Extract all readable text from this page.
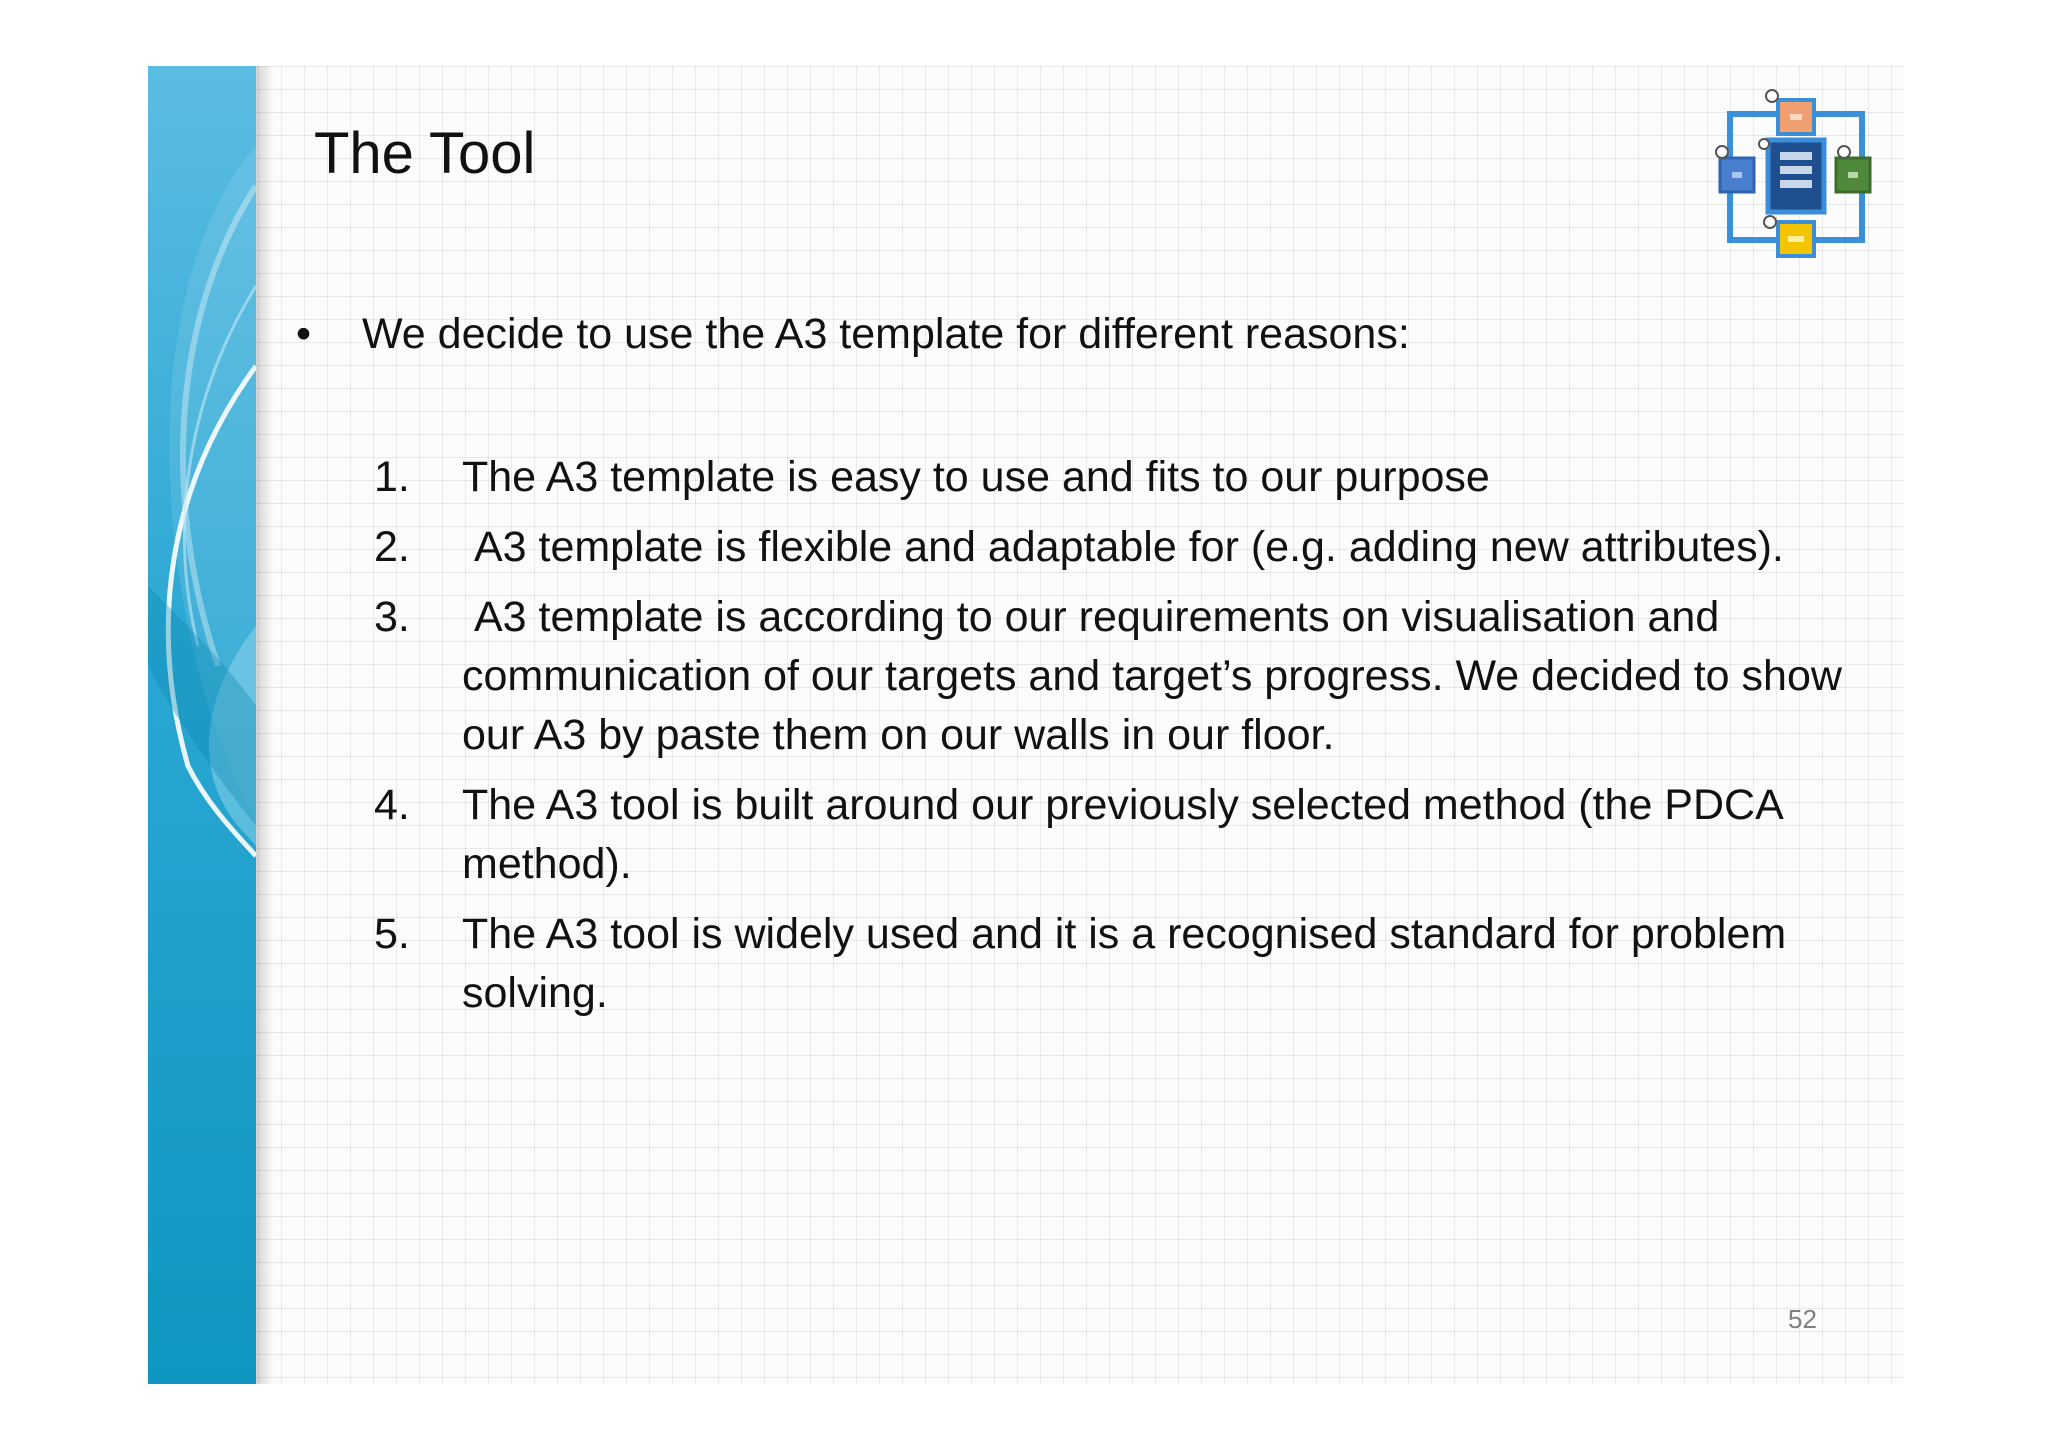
The Tool
•	We decide to use the A3 template for different reasons:
1.	The A3 template is easy to use and fits to our purpose
2.	A3 template is flexible and adaptable for (e.g. adding new attributes).
3.	A3 template is according to our requirements on visualisation and communication of our targets and target’s progress. We decided to show our A3 by paste them on our walls in our floor.
4.	The A3 tool is built around our previously selected method (the PDCA method).
5.	The A3 tool is widely used and it is a recognised standard for problem solving.
52
